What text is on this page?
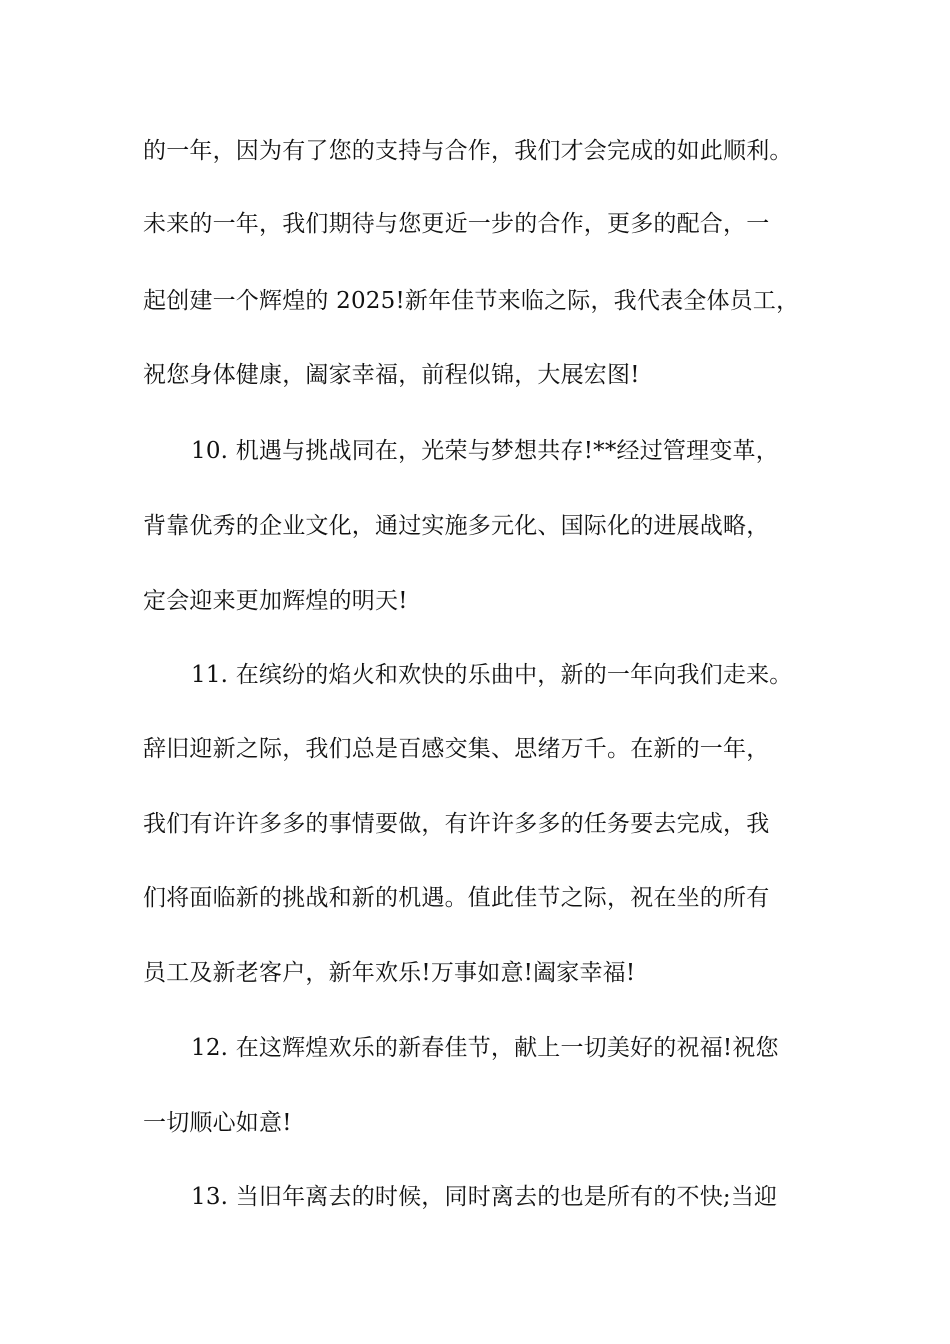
的一年，因为有了您的支持与合作，我们才会完成的如此顺利。
未来的一年，我们期待与您更近一步的合作，更多的配合，一
起创建一个辉煌的 2025!新年佳节来临之际，我代表全体员工，
祝您身体健康，阖家幸福，前程似锦，大展宏图!
10. 机遇与挑战同在，光荣与梦想共存!**经过管理变革，
背靠优秀的企业文化，通过实施多元化、国际化的进展战略，
定会迎来更加辉煌的明天!
11. 在缤纷的焰火和欢快的乐曲中，新的一年向我们走来。
辞旧迎新之际，我们总是百感交集、思绪万千。在新的一年，
我们有许许多多的事情要做，有许许多多的任务要去完成，我
们将面临新的挑战和新的机遇。值此佳节之际，祝在坐的所有
员工及新老客户，新年欢乐!万事如意!阖家幸福!
12. 在这辉煌欢乐的新春佳节，献上一切美好的祝福!祝您
一切顺心如意!
13. 当旧年离去的时候，同时离去的也是所有的不快;当迎
